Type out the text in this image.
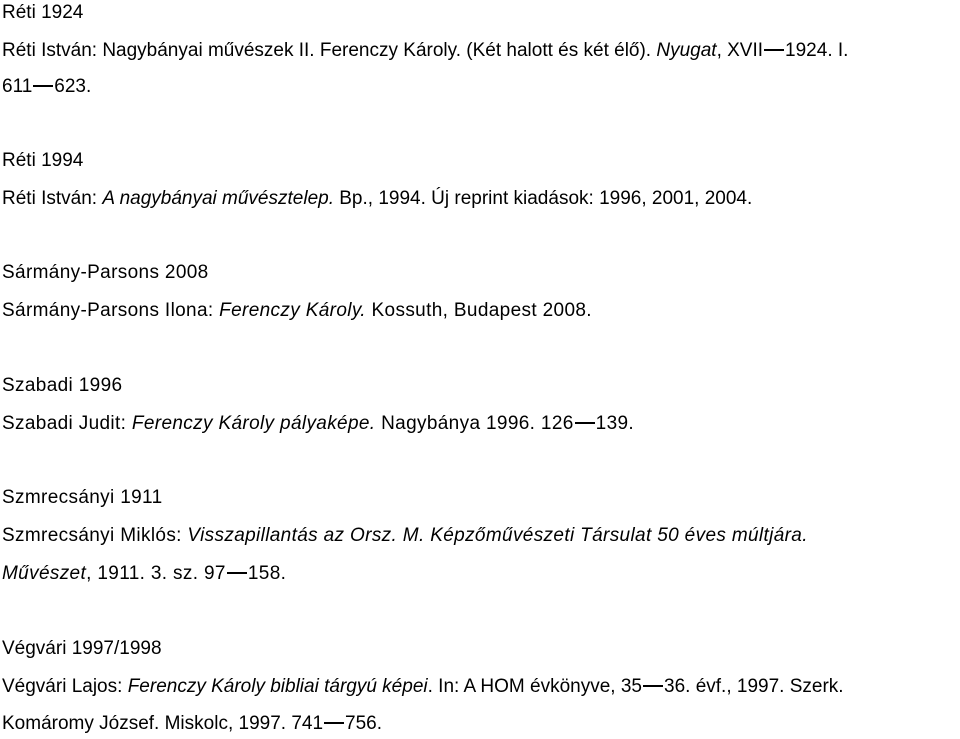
Réti 1924
Réti István: Nagybányai művészek II. Ferenczy Károly. (Két halott és két élő). Nyugat, XVII 1924. I.
611 623.
Réti 1994
Réti István: A nagybányai művésztelep. Bp., 1994. Új reprint kiadások: 1996, 2001, 2004.
Sármány-Parsons 2008
Sármány-Parsons Ilona: Ferenczy Károly. Kossuth, Budapest 2008.
Szabadi 1996
Szabadi Judit: Ferenczy Károly pályaképe. Nagybánya 1996. 126 139.
Szmrecsányi 1911
Szmrecsányi Miklós: Visszapillantás az Orsz. M. Képzőművészeti Társulat 50 éves múltjára.
Művészet, 1911. 3. sz. 97 158.
Végvári 1997/1998
Végvári Lajos: Ferenczy Károly bibliai tárgyú képei. In: A HOM évkönyve, 35 36. évf., 1997. Szerk.
Komáromy József. Miskolc, 1997. 741 756.
